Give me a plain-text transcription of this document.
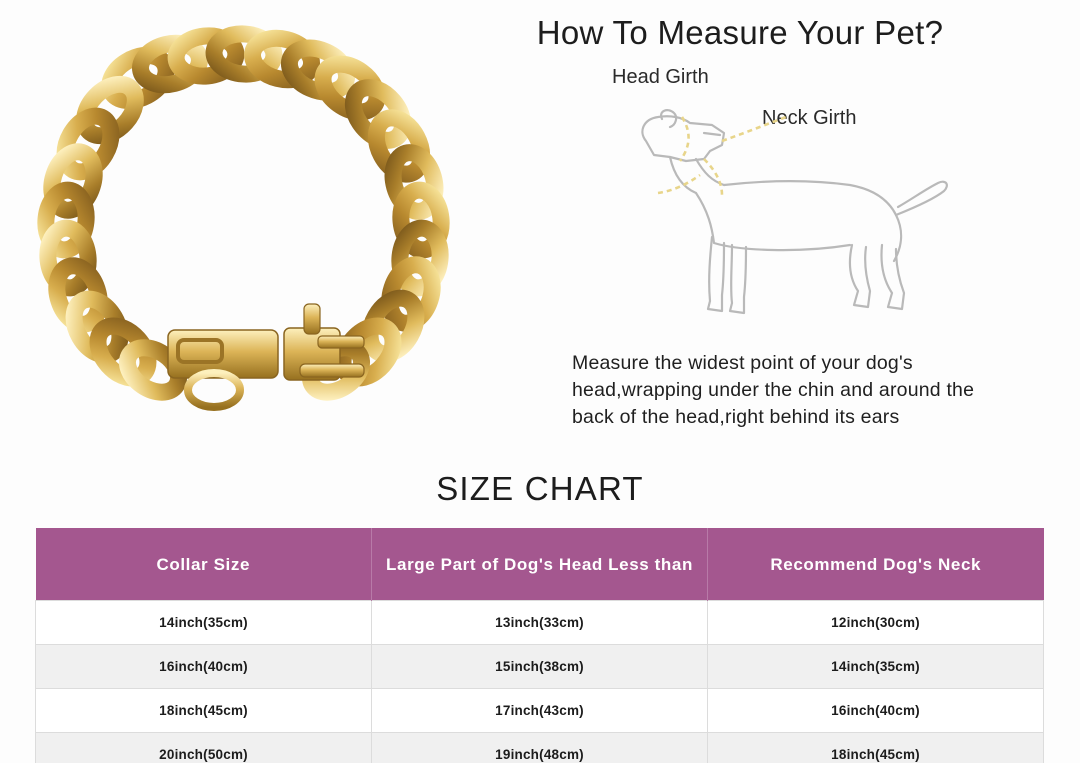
How To Measure Your Pet?
Head Girth
Neck Girth
Measure the widest point of your dog's head,wrapping under the chin and around the back of the head,right behind its ears
SIZE CHART
Collar Size	Large Part of Dog's Head Less than	Recommend Dog's Neck
14inch(35cm)	13inch(33cm)	12inch(30cm)
16inch(40cm)	15inch(38cm)	14inch(35cm)
18inch(45cm)	17inch(43cm)	16inch(40cm)
20inch(50cm)	19inch(48cm)	18inch(45cm)
